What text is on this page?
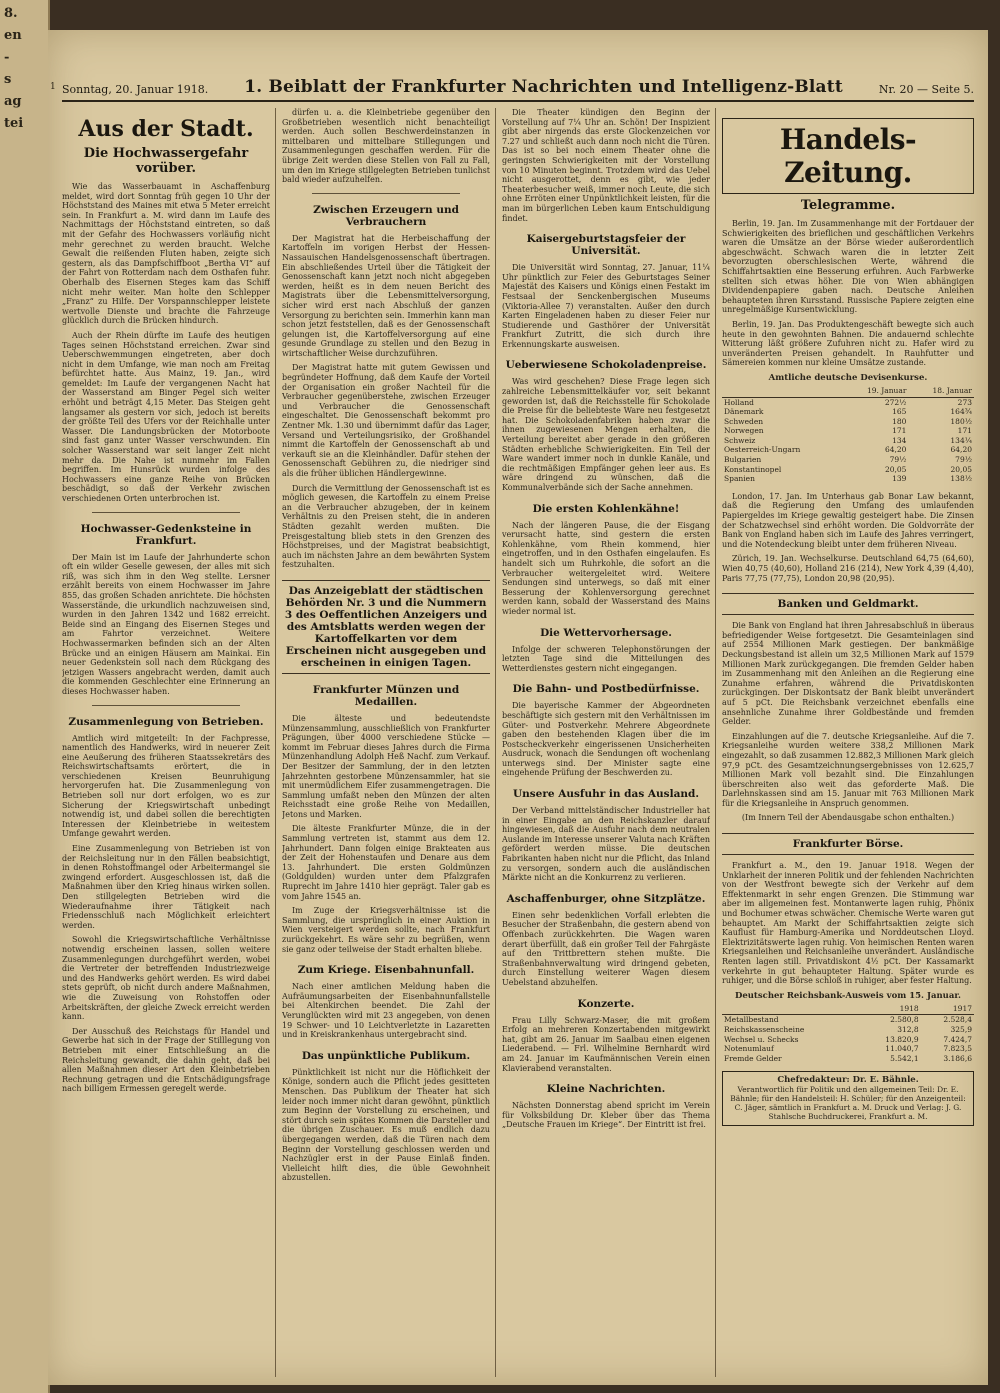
8.
en
-
s
ag
tei
Sonntag, 20. Januar 1918. 1. Beiblatt der Frankfurter Nachrichten und Intelligenz-Blatt	Nr. 20 — Seite 5.
1
Aus der Stadt.
Die Hochwassergefahr vorüber.

Wie das Wasserbauamt in Aschaffenburg meldet, wird dort Sonntag früh gegen 10 Uhr der Höchststand des Maines mit etwa 5 Meter erreicht sein. In Frankfurt a. M. wird dann im Laufe des Nachmittags der Höchststand eintreten, so daß mit der Gefahr des Hochwassers vorläufig nicht mehr gerechnet zu werden braucht. Welche Gewalt die reißenden Fluten haben, zeigte sich gestern, als das Dampfschiffboot „Bertha VI“ auf der Fahrt von Rotterdam nach dem Osthafen fuhr. Oberhalb des Eisernen Steges kam das Schiff nicht mehr weiter. Man holte den Schlepper „Franz“ zu Hilfe. Der Vorspannschlepper leistete wertvolle Dienste und brachte die Fahrzeuge glücklich durch die Brücken hindurch.

Auch der Rhein dürfte im Laufe des heutigen Tages seinen Höchststand erreichen. Zwar sind Ueberschwemmungen eingetreten, aber doch nicht in dem Umfange, wie man noch am Freitag befürchtet hatte. Aus Mainz, 19. Jan., wird gemeldet: Im Laufe der vergangenen Nacht hat der Wasserstand am Binger Pegel sich weiter erhöht und beträgt 4,15 Meter. Das Steigen geht langsamer als gestern vor sich, jedoch ist bereits der größte Teil des Ufers vor der Reichhalle unter Wasser. Die Landungsbrücken der Motorboote sind fast ganz unter Wasser verschwunden. Ein solcher Wasserstand war seit langer Zeit nicht mehr da. Die Nahe ist nunmehr im Fallen begriffen. Im Hunsrück wurden infolge des Hochwassers eine ganze Reihe von Brücken beschädigt, so daß der Verkehr zwischen verschiedenen Orten unterbrochen ist.

Hochwasser-Gedenksteine in Frankfurt.

Der Main ist im Laufe der Jahrhunderte schon oft ein wilder Geselle gewesen, der alles mit sich riß, was sich ihm in den Weg stellte. Lersner erzählt bereits von einem Hochwasser im Jahre 855, das großen Schaden anrichtete. Die höchsten Wasserstände, die urkundlich nachzuweisen sind, wurden in den Jahren 1342 und 1682 erreicht. Beide sind an Eingang des Eisernen Steges und am Fahrtor verzeichnet. Weitere Hochwassermarken befinden sich an der Alten Brücke und an einigen Häusern am Mainkai. Ein neuer Gedenkstein soll nach dem Rückgang des jetzigen Wassers angebracht werden, damit auch die kommenden Geschlechter eine Erinnerung an dieses Hochwasser haben.

Zusammenlegung von Betrieben.

Amtlich wird mitgeteilt: In der Fachpresse, namentlich des Handwerks, wird in neuerer Zeit eine Aeußerung des früheren Staatssekretärs des Reichswirtschaftsamts erörtert, die in verschiedenen Kreisen Beunruhigung hervorgerufen hat. Die Zusammenlegung von Betrieben soll nur dort erfolgen, wo es zur Sicherung der Kriegswirtschaft unbedingt notwendig ist, und dabei sollen die berechtigten Interessen der Kleinbetriebe in weitestem Umfange gewahrt werden.

Eine Zusammenlegung von Betrieben ist von der Reichsleitung nur in den Fällen beabsichtigt, in denen Rohstoffmangel oder Arbeitermangel sie zwingend erfordert. Ausgeschlossen ist, daß die Maßnahmen über den Krieg hinaus wirken sollen. Den stillgelegten Betrieben wird die Wiederaufnahme ihrer Tätigkeit nach Friedensschluß nach Möglichkeit erleichtert werden.

Sowohl die Kriegswirtschaftliche Verhältnisse notwendig erscheinen lassen, sollen weitere Zusammenlegungen durchgeführt werden, wobei die Vertreter der betreffenden Industriezweige und des Handwerks gehört werden. Es wird dabei stets geprüft, ob nicht durch andere Maßnahmen, wie die Zuweisung von Rohstoffen oder Arbeitskräften, der gleiche Zweck erreicht werden kann.

Der Ausschuß des Reichstags für Handel und Gewerbe hat sich in der Frage der Stilllegung von Betrieben mit einer Entschließung an die Reichsleitung gewandt, die dahin geht, daß bei allen Maßnahmen dieser Art den Kleinbetrieben Rechnung getragen und die Entschädigungsfrage nach billigem Ermessen geregelt werde.

dürfen u. a. die Kleinbetriebe gegenüber den Großbetrieben wesentlich nicht benachteiligt werden. Auch sollen Beschwerdeinstanzen in mittelbaren und mittelbare Stillegungen und Zusammenlegungen geschaffen werden. Für die übrige Zeit werden diese Stellen von Fall zu Fall, um den im Kriege stillgelegten Betrieben tunlichst bald wieder aufzuhelfen.

Zwischen Erzeugern und Verbrauchern

Der Magistrat hat die Herbeischaffung der Kartoffeln im vorigen Herbst der Hessen-Nassauischen Handelsgenossenschaft übertragen. Ein abschließendes Urteil über die Tätigkeit der Genossenschaft kann jetzt noch nicht abgegeben werden, heißt es in dem neuen Bericht des Magistrats über die Lebensmittelversorgung, sicher wird erst nach Abschluß der ganzen Versorgung zu berichten sein. Immerhin kann man schon jetzt feststellen, daß es der Genossenschaft gelungen ist, die Kartoffelversorgung auf eine gesunde Grundlage zu stellen und den Bezug in wirtschaftlicher Weise durchzuführen.

Der Magistrat hatte mit gutem Gewissen und begründeter Hoffnung, daß dem Kaufe der Vorteil der Organisation ein großer Nachteil für die Verbraucher gegenüberstehe, zwischen Erzeuger und Verbraucher die Genossenschaft eingeschaltet. Die Genossenschaft bekommt pro Zentner Mk. 1.30 und übernimmt dafür das Lager, Versand und Verteilungsrisiko, der Großhandel nimmt die Kartoffeln der Genossenschaft ab und verkauft sie an die Kleinhändler. Dafür stehen der Genossenschaft Gebühren zu, die niedriger sind als die früher üblichen Händlergewinne.

Durch die Vermittlung der Genossenschaft ist es möglich gewesen, die Kartoffeln zu einem Preise an die Verbraucher abzugeben, der in keinem Verhältnis zu den Preisen steht, die in anderen Städten gezahlt werden mußten. Die Preisgestaltung blieb stets in den Grenzen des Höchstpreises, und der Magistrat beabsichtigt, auch im nächsten Jahre an dem bewährten System festzuhalten.

Das Anzeigeblatt der städtischen Behörden Nr. 3 und die Nummern 3 des Oeffentlichen Anzeigers und des Amtsblatts werden wegen der Kartoffelkarten vor dem Erscheinen nicht ausgegeben und erscheinen in einigen Tagen.
Frankfurter Münzen und Medaillen.

Die älteste und bedeutendste Münzensammlung, ausschließlich von Frankfurter Prägungen, über 4000 verschiedene Stücke — kommt im Februar dieses Jahres durch die Firma Münzenhandlung Adolph Heß Nachf. zum Verkauf. Der Besitzer der Sammlung, der in den letzten Jahrzehnten gestorbene Münzensammler, hat sie mit unermüdlichem Eifer zusammengetragen. Die Sammlung umfaßt neben den Münzen der alten Reichsstadt eine große Reihe von Medaillen, Jetons und Marken.

Die älteste Frankfurter Münze, die in der Sammlung vertreten ist, stammt aus dem 12. Jahrhundert. Dann folgen einige Brakteaten aus der Zeit der Hohenstaufen und Denare aus dem 13. Jahrhundert. Die ersten Goldmünzen (Goldgulden) wurden unter dem Pfalzgrafen Ruprecht im Jahre 1410 hier geprägt. Taler gab es vom Jahre 1545 an.

Im Zuge der Kriegsverhältnisse ist die Sammlung, die ursprünglich in einer Auktion in Wien versteigert werden sollte, nach Frankfurt zurückgekehrt. Es wäre sehr zu begrüßen, wenn sie ganz oder teilweise der Stadt erhalten bliebe.

Zum Kriege. Eisenbahnunfall.

Nach einer amtlichen Meldung haben die Aufräumungsarbeiten der Eisenbahnunfallstelle bei Altenkirchen beendet. Die Zahl der Verunglückten wird mit 23 angegeben, von denen 19 Schwer- und 10 Leichtverletzte in Lazaretten und in Kreiskrankenhaus untergebracht sind.

Das unpünktliche Publikum.

Pünktlichkeit ist nicht nur die Höflichkeit der Könige, sondern auch die Pflicht jedes gesitteten Menschen. Das Publikum der Theater hat sich leider noch immer nicht daran gewöhnt, pünktlich zum Beginn der Vorstellung zu erscheinen, und stört durch sein spätes Kommen die Darsteller und die übrigen Zuschauer. Es muß endlich dazu übergegangen werden, daß die Türen nach dem Beginn der Vorstellung geschlossen werden und Nachzügler erst in der Pause Einlaß finden. Vielleicht hilft dies, die üble Gewohnheit abzustellen.

Die Theater kündigen den Beginn der Vorstellung auf 7¼ Uhr an. Schön! Der Inspizient gibt aber nirgends das erste Glockenzeichen vor 7.27 und schließt auch dann noch nicht die Türen. Das ist so bei noch einem Theater ohne die geringsten Schwierigkeiten mit der Vorstellung von 10 Minuten beginnt. Trotzdem wird das Uebel nicht ausgerottet, denn es gibt, wie jeder Theaterbesucher weiß, immer noch Leute, die sich ohne Erröten einer Unpünktlichkeit leisten, für die man im bürgerlichen Leben kaum Entschuldigung findet.

Kaisergeburtstagsfeier der Universität.

Die Universität wird Sonntag, 27. Januar, 11¼ Uhr pünktlich zur Feier des Geburtstages Seiner Majestät des Kaisers und Königs einen Festakt im Festsaal der Senckenbergischen Museums (Viktoria-Allee 7) veranstalten. Außer den durch Karten Eingeladenen haben zu dieser Feier nur Studierende und Gasthörer der Universität Frankfurt Zutritt, die sich durch ihre Erkennungskarte ausweisen.

Ueberwiesene Schokoladenpreise.

Was wird geschehen? Diese Frage legen sich zahlreiche Lebensmittelkäufer vor, seit bekannt geworden ist, daß die Reichsstelle für Schokolade die Preise für die beliebteste Ware neu festgesetzt hat. Die Schokoladenfabriken haben zwar die ihnen zugewiesenen Mengen erhalten, die Verteilung bereitet aber gerade in den größeren Städten erhebliche Schwierigkeiten. Ein Teil der Ware wandert immer noch in dunkle Kanäle, und die rechtmäßigen Empfänger gehen leer aus. Es wäre dringend zu wünschen, daß die Kommunalverbände sich der Sache annehmen.

Die ersten Kohlenkähne!

Nach der längeren Pause, die der Eisgang verursacht hatte, sind gestern die ersten Kohlenkähne, vom Rhein kommend, hier eingetroffen, und in den Osthafen eingelaufen. Es handelt sich um Ruhrkohle, die sofort an die Verbraucher weitergeleitet wird. Weitere Sendungen sind unterwegs, so daß mit einer Besserung der Kohlenversorgung gerechnet werden kann, sobald der Wasserstand des Mains wieder normal ist.

Die Wettervorhersage.

Infolge der schweren Telephonstörungen der letzten Tage sind die Mitteilungen des Wetterdienstes gestern nicht eingegangen.

Die Bahn- und Postbedürfnisse.

Die bayerische Kammer der Abgeordneten beschäftigte sich gestern mit den Verhältnissen im Güter- und Postverkehr. Mehrere Abgeordnete gaben den bestehenden Klagen über die im Postscheckverkehr eingerissenen Unsicherheiten Ausdruck, wonach die Sendungen oft wochenlang unterwegs sind. Der Minister sagte eine eingehende Prüfung der Beschwerden zu.

Unsere Ausfuhr in das Ausland.

Der Verband mittelständischer Industrieller hat in einer Eingabe an den Reichskanzler darauf hingewiesen, daß die Ausfuhr nach dem neutralen Auslande im Interesse unserer Valuta nach Kräften gefördert werden müsse. Die deutschen Fabrikanten haben nicht nur die Pflicht, das Inland zu versorgen, sondern auch die ausländischen Märkte nicht an die Konkurrenz zu verlieren.

Aschaffenburger, ohne Sitzplätze.

Einen sehr bedenklichen Vorfall erlebten die Besucher der Straßenbahn, die gestern abend von Offenbach zurückkehrten. Die Wagen waren derart überfüllt, daß ein großer Teil der Fahrgäste auf den Trittbrettern stehen mußte. Die Straßenbahnverwaltung wird dringend gebeten, durch Einstellung weiterer Wagen diesem Uebelstand abzuhelfen.

Konzerte.

Frau Lilly Schwarz-Maser, die mit großem Erfolg an mehreren Konzertabenden mitgewirkt hat, gibt am 26. Januar im Saalbau einen eigenen Liederabend. — Frl. Wilhelmine Bernhardt wird am 24. Januar im Kaufmännischen Verein einen Klavierabend veranstalten.

Kleine Nachrichten.

Nächsten Donnerstag abend spricht im Verein für Volksbildung Dr. Kleber über das Thema „Deutsche Frauen im Kriege“. Der Eintritt ist frei.

Handels-Zeitung.
Telegramme.

Berlin, 19. Jan. Im Zusammenhange mit der Fortdauer der Schwierigkeiten des brieflichen und geschäftlichen Verkehrs waren die Umsätze an der Börse wieder außerordentlich abgeschwächt. Schwach waren die in letzter Zeit bevorzugten oberschlesischen Werte, während die Schiffahrtsaktien eine Besserung erfuhren. Auch Farbwerke stellten sich etwas höher. Die von Wien abhängigen Dividendenpapiere gaben nach. Deutsche Anleihen behaupteten ihren Kursstand. Russische Papiere zeigten eine unregelmäßige Kursentwicklung.

Berlin, 19. Jan. Das Produktengeschäft bewegte sich auch heute in den gewohnten Bahnen. Die andauernd schlechte Witterung läßt größere Zufuhren nicht zu. Hafer wird zu unveränderten Preisen gehandelt. In Rauhfutter und Sämereien kommen nur kleine Umsätze zustande.

Amtliche deutsche Devisenkurse.
	19. Januar	18. Januar
Holland	272½	273
Dänemark	165	164¾
Schweden	180	180½
Norwegen	171	171
Schweiz	134	134¼
Oesterreich-Ungarn	64,20	64,20
Bulgarien	79½	79½
Konstantinopel	20,05	20,05
Spanien	139	138½

London, 17. Jan. Im Unterhaus gab Bonar Law bekannt, daß die Regierung den Umfang des umlaufenden Papiergeldes im Kriege gewaltig gesteigert habe. Die Zinsen der Schatzwechsel sind erhöht worden. Die Goldvorräte der Bank von England haben sich im Laufe des Jahres verringert, und die Notendeckung bleibt unter dem früheren Niveau.

Zürich, 19. Jan. Wechselkurse. Deutschland 64,75 (64,60), Wien 40,75 (40,60), Holland 216 (214), New York 4,39 (4,40), Paris 77,75 (77,75), London 20,98 (20,95).

Banken und Geldmarkt.

Die Bank von England hat ihren Jahresabschluß in überaus befriedigender Weise fortgesetzt. Die Gesamteinlagen sind auf 2554 Millionen Mark gestiegen. Der bankmäßige Deckungsbestand ist allein um 32,5 Millionen Mark auf 1579 Millionen Mark zurückgegangen. Die fremden Gelder haben im Zusammenhang mit den Anleihen an die Regierung eine Zunahme erfahren, während die Privatdiskonten zurückgingen. Der Diskontsatz der Bank bleibt unverändert auf 5 pCt. Die Reichsbank verzeichnet ebenfalls eine ansehnliche Zunahme ihrer Goldbestände und fremden Gelder.

Einzahlungen auf die 7. deutsche Kriegsanleihe. Auf die 7. Kriegsanleihe wurden weitere 338,2 Millionen Mark eingezahlt, so daß zusammen 12.882,3 Millionen Mark gleich 97,9 pCt. des Gesamtzeichnungsergebnisses von 12.625,7 Millionen Mark voll bezahlt sind. Die Einzahlungen überschreiten also weit das geforderte Maß. Die Darlehnskassen sind am 15. Januar mit 763 Millionen Mark für die Kriegsanleihe in Anspruch genommen.

(Im Innern Teil der Abendausgabe schon enthalten.)

Frankfurter Börse.

Frankfurt a. M., den 19. Januar 1918. Wegen der Unklarheit der inneren Politik und der fehlenden Nachrichten von der Westfront bewegte sich der Verkehr auf dem Effektenmarkt in sehr engen Grenzen. Die Stimmung war aber im allgemeinen fest. Montanwerte lagen ruhig, Phönix und Bochumer etwas schwächer. Chemische Werte waren gut behauptet. Am Markt der Schiffahrtsaktien zeigte sich Kauflust für Hamburg-Amerika und Norddeutschen Lloyd. Elektrizitätswerte lagen ruhig. Von heimischen Renten waren Kriegsanleihen und Reichsanleihe unverändert. Ausländische Renten lagen still. Privatdiskont 4½ pCt. Der Kassamarkt verkehrte in gut behaupteter Haltung. Später wurde es ruhiger, und die Börse schloß in ruhiger, aber fester Haltung.

Deutscher Reichsbank-Ausweis vom 15. Januar.
	1918	1917
Metallbestand	2.580,8	2.528,4
Reichskassenscheine	312,8	325,9
Wechsel u. Schecks	13.820,9	7.424,7
Notenumlauf	11.040,7	7.823,5
Fremde Gelder	5.542,1	3.186,6
Chefredakteur: Dr. E. Bähnle.
Verantwortlich für Politik und den allgemeinen Teil: Dr. E. Bähnle; für den Handelsteil: H. Schüler; für den Anzeigenteil: C. Jäger, sämtlich in Frankfurt a. M. Druck und Verlag: J. G. Stahlsche Buchdruckerei, Frankfurt a. M.
